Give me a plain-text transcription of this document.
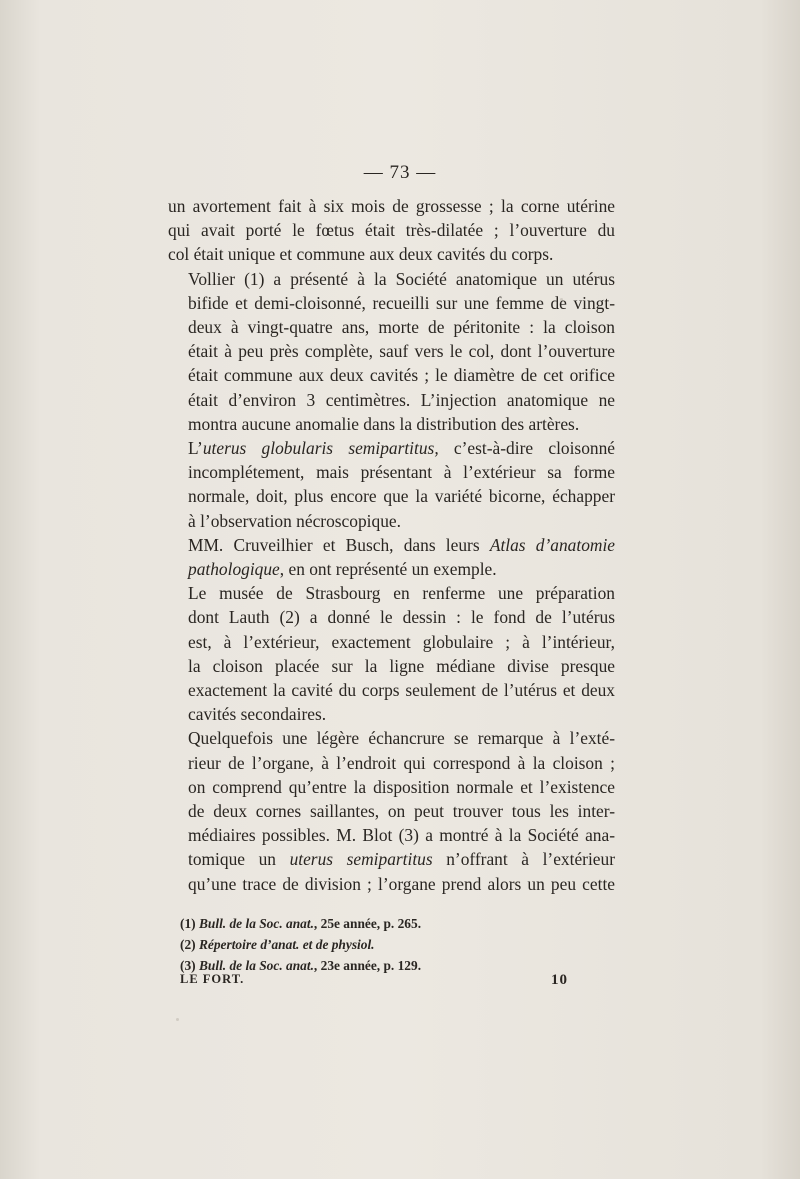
— 73 —

un avortement fait à six mois de grossesse ; la corne utérine
qui avait porté le fœtus était très-dilatée ; l’ouverture du
col était unique et commune aux deux cavités du corps.

Vollier (1) a présenté à la Société anatomique un utérus
bifide et demi-cloisonné, recueilli sur une femme de vingt-
deux à vingt-quatre ans, morte de péritonite : la cloison
était à peu près complète, sauf vers le col, dont l’ouverture
était commune aux deux cavités ; le diamètre de cet orifice
était d’environ 3 centimètres. L’injection anatomique ne
montra aucune anomalie dans la distribution des artères.

L’uterus globularis semipartitus, c’est-à-dire cloisonné
incomplétement, mais présentant à l’extérieur sa forme
normale, doit, plus encore que la variété bicorne, échapper
à l’observation nécroscopique.

MM. Cruveilhier et Busch, dans leurs Atlas d’anatomie
pathologique, en ont représenté un exemple.

Le musée de Strasbourg en renferme une préparation
dont Lauth (2) a donné le dessin : le fond de l’utérus
est, à l’extérieur, exactement globulaire ; à l’intérieur,
la cloison placée sur la ligne médiane divise presque
exactement la cavité du corps seulement de l’utérus et deux
cavités secondaires.

Quelquefois une légère échancrure se remarque à l’exté-
rieur de l’organe, à l’endroit qui correspond à la cloison ;
on comprend qu’entre la disposition normale et l’existence
de deux cornes saillantes, on peut trouver tous les inter-
médiaires possibles. M. Blot (3) a montré à la Société ana-
tomique un uterus semipartitus n’offrant à l’extérieur
qu’une trace de division ; l’organe prend alors un peu cette

(1) Bull. de la Soc. anat., 25e année, p. 265.
(2) Répertoire d’anat. et de physiol.
(3) Bull. de la Soc. anat., 23e année, p. 129.
LE FORT.	10
